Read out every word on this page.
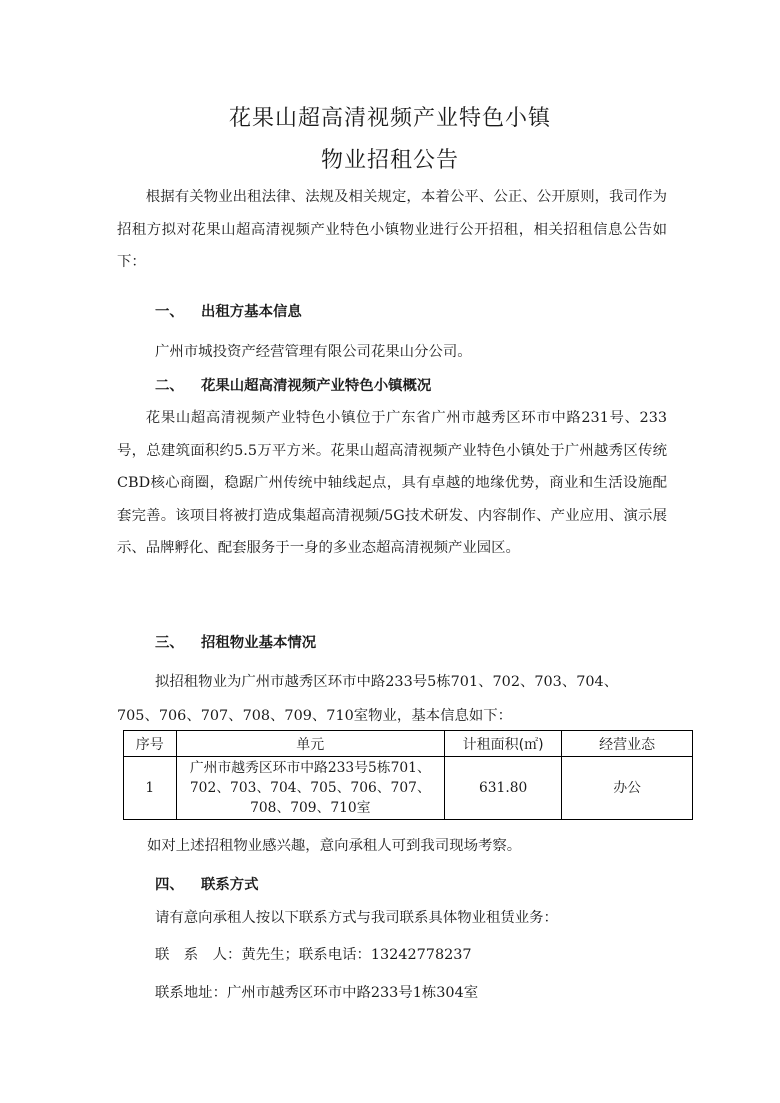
花果山超高清视频产业特色小镇
物业招租公告

根据有关物业出租法律、法规及相关规定，本着公平、公正、公开原则，我司作为招租方拟对花果山超高清视频产业特色小镇物业进行公开招租，相关招租信息公告如下：

一、 出租方基本信息
广州市城投资产经营管理有限公司花果山分公司。
二、 花果山超高清视频产业特色小镇概况

花果山超高清视频产业特色小镇位于广东省广州市越秀区环市中路231号、233号，总建筑面积约5.5万平方米。花果山超高清视频产业特色小镇处于广州越秀区传统CBD核心商圈，稳踞广州传统中轴线起点，具有卓越的地缘优势，商业和生活设施配套完善。该项目将被打造成集超高清视频/5G技术研发、内容制作、产业应用、演示展示、品牌孵化、配套服务于一身的多业态超高清视频产业园区。

三、 招租物业基本情况
拟招租物业为广州市越秀区环市中路233号5栋701、702、703、704、
705、706、707、708、709、710室物业，基本信息如下：
序号	单元	计租面积(㎡)	经营业态
1	广州市越秀区环市中路233号5栋701、
702、703、704、705、706、707、
708、709、710室	631.80	办公
如对上述招租物业感兴趣，意向承租人可到我司现场考察。
四、 联系方式
请有意向承租人按以下联系方式与我司联系具体物业租赁业务：
联　系　人：黄先生；联系电话：13242778237
联系地址：广州市越秀区环市中路233号1栋304室
